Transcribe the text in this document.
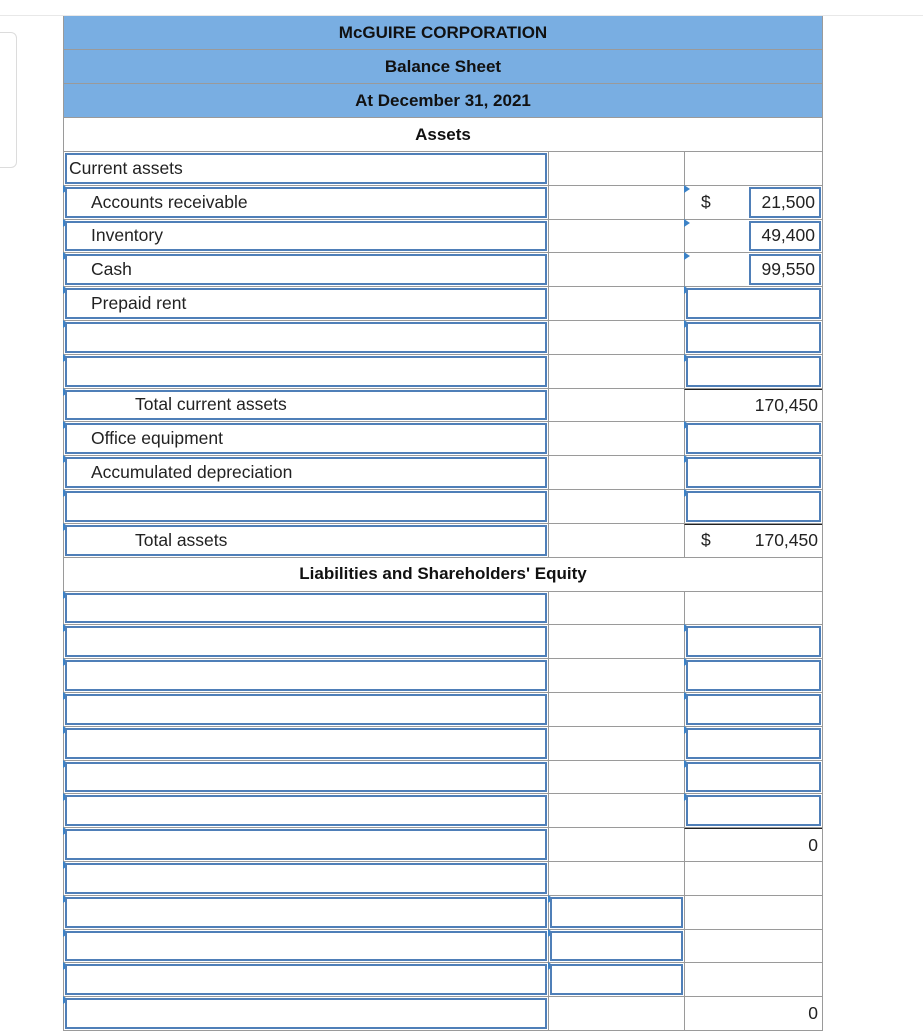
McGUIRE CORPORATION
Balance Sheet
At December 31, 2021
Assets
Current assets
Accounts receivable	$	21,500
Inventory	49,400
Cash	99,550
Prepaid rent
Total current assets	170,450
Office equipment
Accumulated depreciation
Total assets	$	170,450
Liabilities and Shareholders' Equity
0
0
